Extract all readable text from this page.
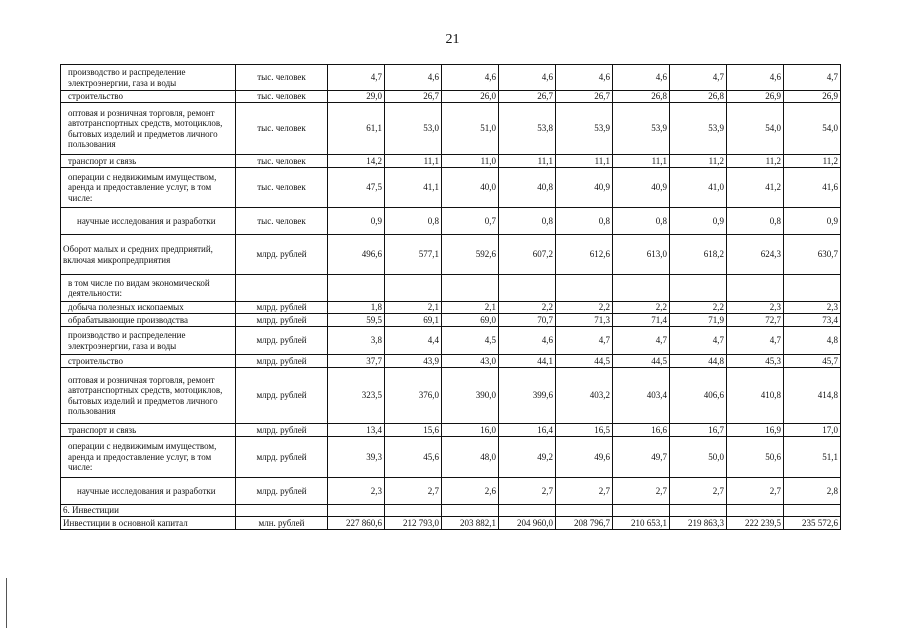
21
производство и распределение электроэнергии, газа и воды	тыс. человек	4,7	4,6	4,6	4,6	4,6	4,6	4,7	4,6	4,7
строительство	тыс. человек	29,0	26,7	26,0	26,7	26,7	26,8	26,8	26,9	26,9
оптовая и розничная торговля, ремонт автотранспортных средств, мотоциклов, бытовых изделий и предметов личного пользования	тыс. человек	61,1	53,0	51,0	53,8	53,9	53,9	53,9	54,0	54,0
транспорт и связь	тыс. человек	14,2	11,1	11,0	11,1	11,1	11,1	11,2	11,2	11,2
операции с недвижимым имуществом, аренда и предоставление услуг, в том числе:	тыс. человек	47,5	41,1	40,0	40,8	40,9	40,9	41,0	41,2	41,6
научные исследования и разработки	тыс. человек	0,9	0,8	0,7	0,8	0,8	0,8	0,9	0,8	0,9
Оборот малых и средних предприятий, включая микропредприятия	млрд. рублей	496,6	577,1	592,6	607,2	612,6	613,0	618,2	624,3	630,7
в том числе по видам экономической деятельности:										
добыча полезных ископаемых	млрд. рублей	1,8	2,1	2,1	2,2	2,2	2,2	2,2	2,3	2,3
обрабатывающие производства	млрд. рублей	59,5	69,1	69,0	70,7	71,3	71,4	71,9	72,7	73,4
производство и распределение электроэнергии, газа и воды	млрд. рублей	3,8	4,4	4,5	4,6	4,7	4,7	4,7	4,7	4,8
строительство	млрд. рублей	37,7	43,9	43,0	44,1	44,5	44,5	44,8	45,3	45,7
оптовая и розничная торговля, ремонт автотранспортных средств, мотоциклов, бытовых изделий и предметов личного пользования	млрд. рублей	323,5	376,0	390,0	399,6	403,2	403,4	406,6	410,8	414,8
транспорт и связь	млрд. рублей	13,4	15,6	16,0	16,4	16,5	16,6	16,7	16,9	17,0
операции с недвижимым имуществом, аренда и предоставление услуг, в том числе:	млрд. рублей	39,3	45,6	48,0	49,2	49,6	49,7	50,0	50,6	51,1
научные исследования и разработки	млрд. рублей	2,3	2,7	2,6	2,7	2,7	2,7	2,7	2,7	2,8
6. Инвестиции										
Инвестиции в основной капитал	млн. рублей	227 860,6	212 793,0	203 882,1	204 960,0	208 796,7	210 653,1	219 863,3	222 239,5	235 572,6
